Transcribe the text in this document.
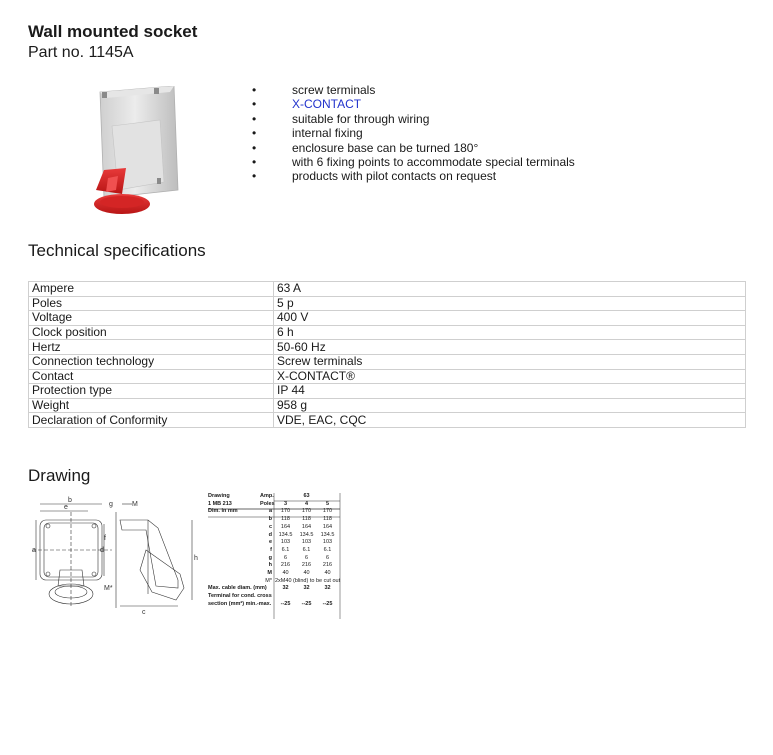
Wall mounted socket
Part no. 1145A
•	screw terminals
•	X-CONTACT
•	suitable for through wiring
•	internal fixing
•	enclosure base can be turned 180°
•	with 6 fixing points to accommodate special terminals
•	products with pilot contacts on request
Technical specifications
Ampere	63 A
Poles	5 p
Voltage	400 V
Clock position	6 h
Hertz	50-60 Hz
Connection technology	Screw terminals
Contact	X-CONTACT®
Protection type	IP 44
Weight	958 g
Declaration of Conformity	VDE, EAC, CQC
Drawing
b
e	g	M
a	d
f
h
M*
c
Drawing	Amp.	63
1 MB 213	Poles	3	4	5
Dim. in mm	a	170	170	170
b	118	118	118
c	164	164	164
d	134.5	134.5	134.5
e	103	103	103
f	6.1	6.1	6.1
g	6	6	6
h	216	216	216
M	40	40	40
M* 2xM40 (blind) to be cut out
Max. cable diam. (mm)	32	32	32
Terminal for cond. cross
section (mm²) min.-max.	--25	--25	--25
